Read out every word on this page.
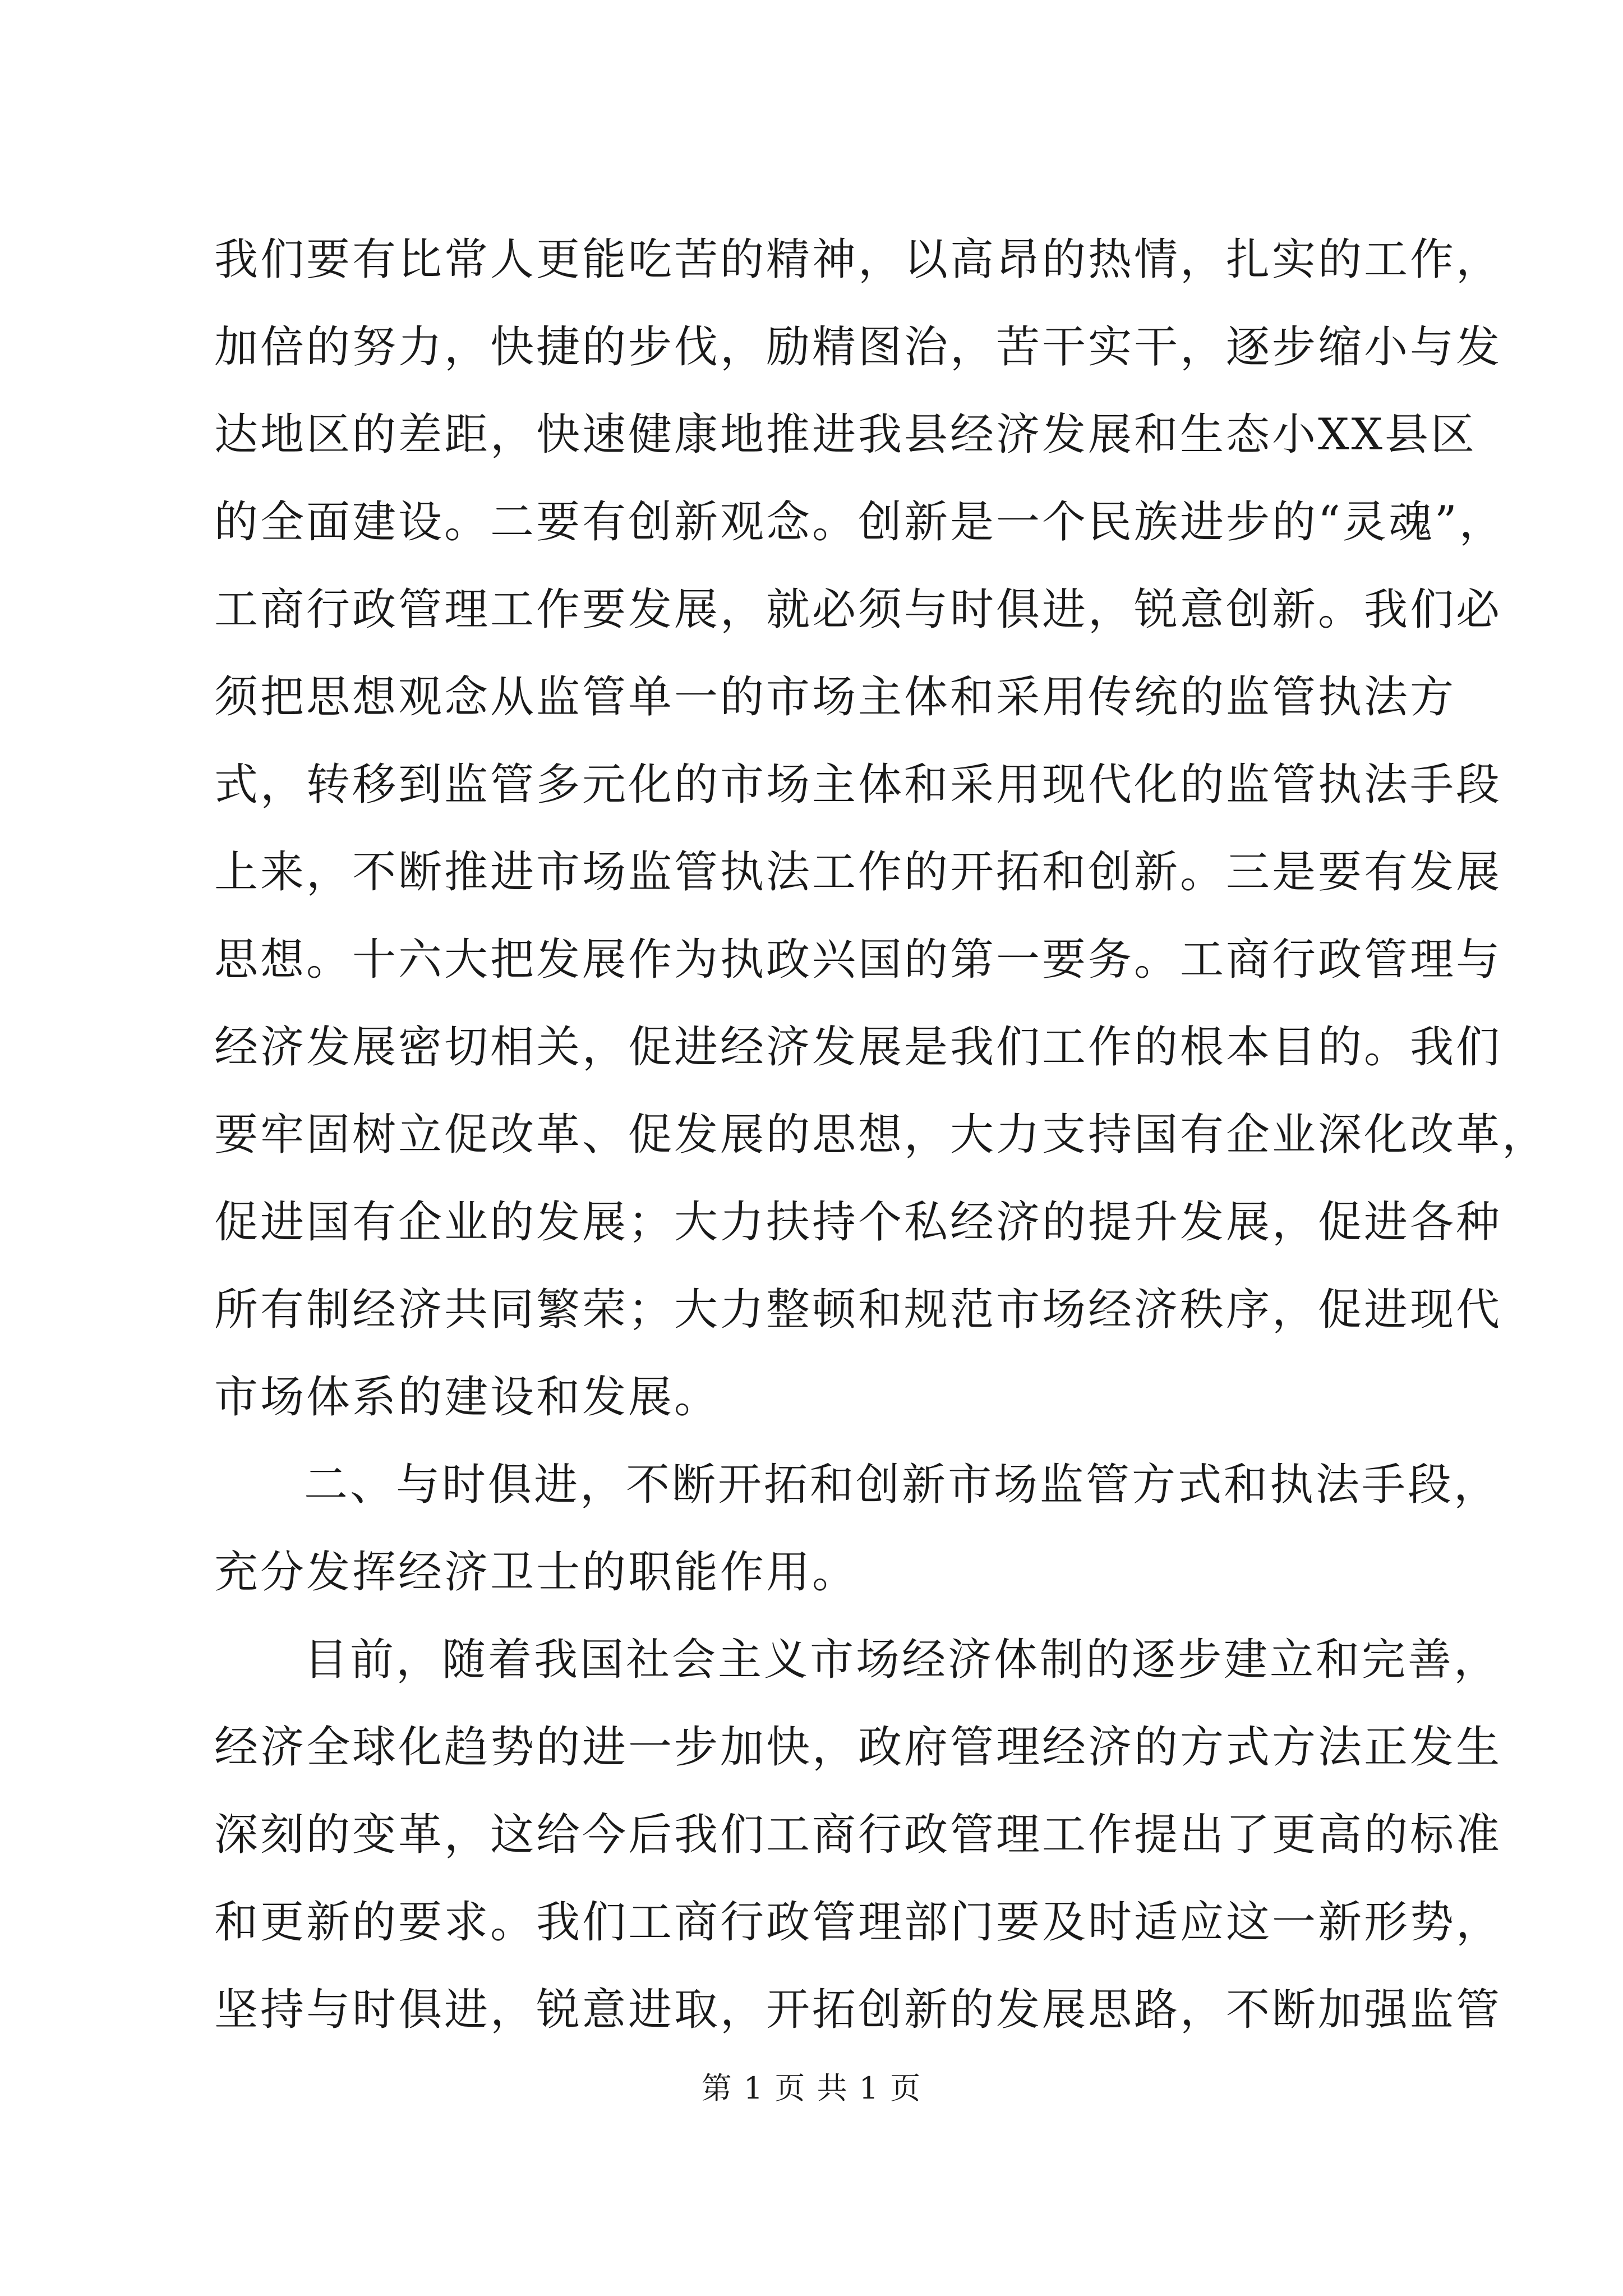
我们要有比常人更能吃苦的精神，以高昂的热情，扎实的工作，
加倍的努力，快捷的步伐，励精图治，苦干实干，逐步缩小与发
达地区的差距，快速健康地推进我县经济发展和生态小XX县区
的全面建设。二要有创新观念。创新是一个民族进步的“灵魂”，
工商行政管理工作要发展，就必须与时俱进，锐意创新。我们必
须把思想观念从监管单一的市场主体和采用传统的监管执法方
式，转移到监管多元化的市场主体和采用现代化的监管执法手段
上来，不断推进市场监管执法工作的开拓和创新。三是要有发展
思想。十六大把发展作为执政兴国的第一要务。工商行政管理与
经济发展密切相关，促进经济发展是我们工作的根本目的。我们
要牢固树立促改革、促发展的思想，大力支持国有企业深化改革，
促进国有企业的发展；大力扶持个私经济的提升发展，促进各种
所有制经济共同繁荣；大力整顿和规范市场经济秩序，促进现代
市场体系的建设和发展。
二、与时俱进，不断开拓和创新市场监管方式和执法手段，
充分发挥经济卫士的职能作用。
目前，随着我国社会主义市场经济体制的逐步建立和完善，
经济全球化趋势的进一步加快，政府管理经济的方式方法正发生
深刻的变革，这给今后我们工商行政管理工作提出了更高的标准
和更新的要求。我们工商行政管理部门要及时适应这一新形势，
坚持与时俱进，锐意进取，开拓创新的发展思路，不断加强监管
第 1 页 共 1 页
